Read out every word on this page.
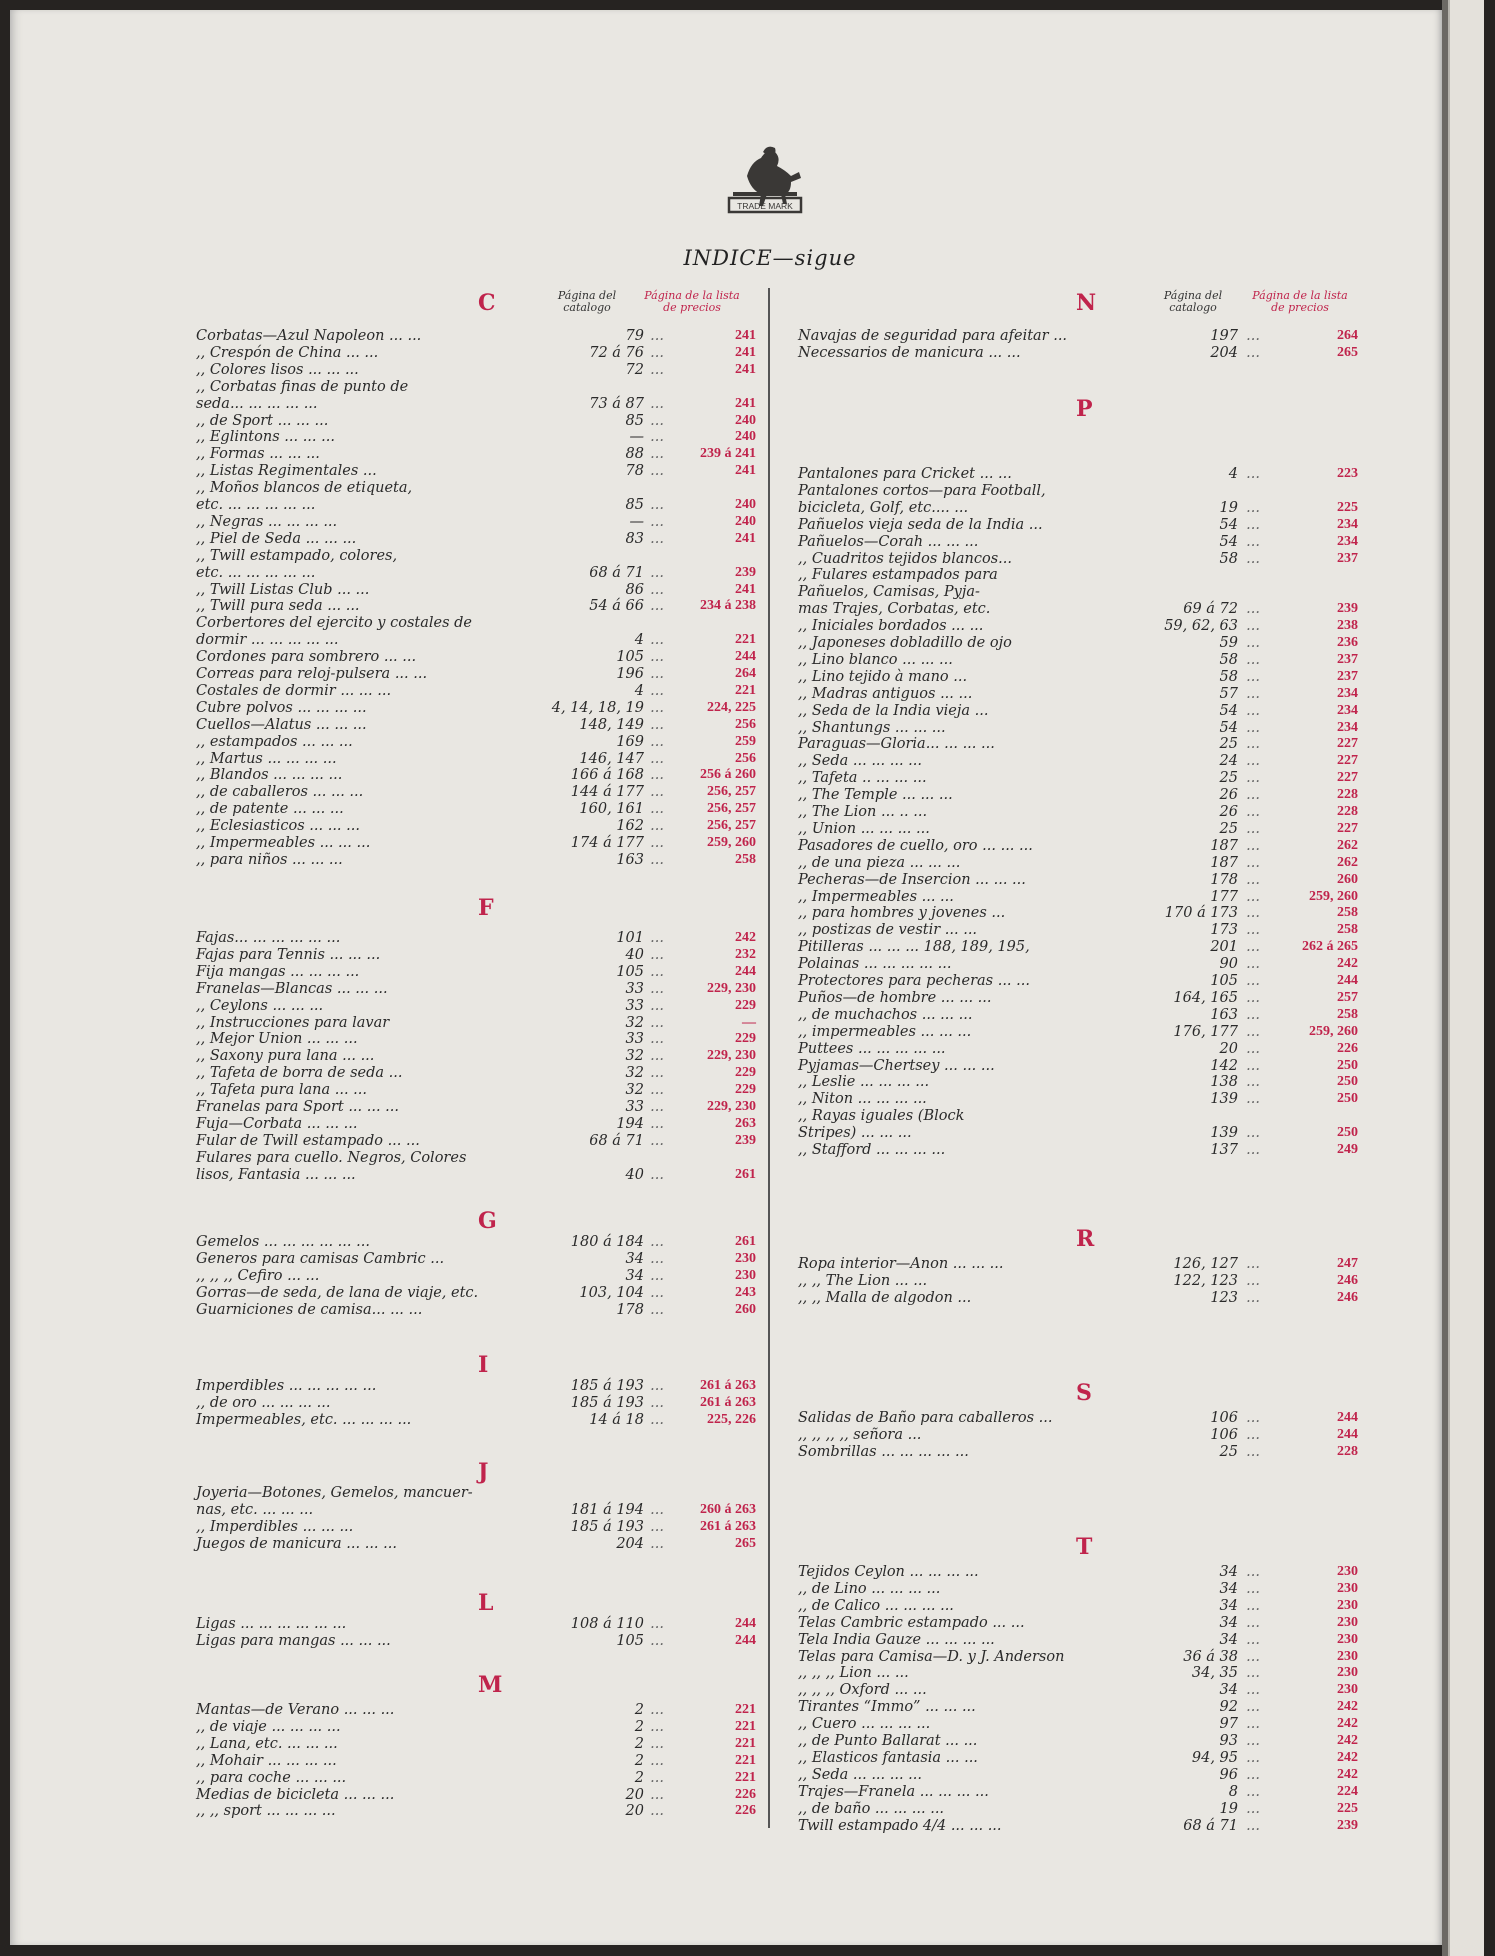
TRADE MARK
INDICE—sigue
Página del catalogo
Página de la lista de precios
C
Corbatas—Azul Napoleon ... ...	79 ...	241
,, Crespón de China ... ...	72 á 76 ...	241
,, Colores lisos ... ... ...	72 ...	241
,, Corbatas finas de punto de
seda... ... ... ... ...	73 á 87 ...	241
,, de Sport ... ... ...	85 ...	240
,, Eglintons ... ... ...	— ...	240
,, Formas ... ... ...	88 ...	239 á 241
,, Listas Regimentales ...	78 ...	241
,, Moños blancos de etiqueta,
etc. ... ... ... ... ...	85 ...	240
,, Negras ... ... ... ...	— ...	240
,, Piel de Seda ... ... ...	83 ...	241
,, Twill estampado, colores,
etc. ... ... ... ... ...	68 á 71 ...	239
,, Twill Listas Club ... ...	86 ...	241
,, Twill pura seda ... ...	54 á 66 ...	234 á 238
Corbertores del ejercito y costales de
dormir ... ... ... ... ...	4 ...	221
Cordones para sombrero ... ...	105 ...	244
Correas para reloj-pulsera ... ...	196 ...	264
Costales de dormir ... ... ...	4 ...	221
Cubre polvos ... ... ... ...	4, 14, 18, 19 ...	224, 225
Cuellos—Alatus ... ... ...	148, 149 ...	256
,, estampados ... ... ...	169 ...	259
,, Martus ... ... ... ...	146, 147 ...	256
,, Blandos ... ... ... ...	166 á 168 ...	256 á 260
,, de caballeros ... ... ...	144 á 177 ...	256, 257
,, de patente ... ... ...	160, 161 ...	256, 257
,, Eclesiasticos ... ... ...	162 ...	256, 257
,, Impermeables ... ... ...	174 á 177 ...	259, 260
,, para niños ... ... ...	163 ...	258
F
Fajas... ... ... ... ... ...	101 ...	242
Fajas para Tennis ... ... ...	40 ...	232
Fija mangas ... ... ... ...	105 ...	244
Franelas—Blancas ... ... ...	33 ...	229, 230
,, Ceylons ... ... ...	33 ...	229
,, Instrucciones para lavar	32 ...	—
,, Mejor Union ... ... ...	33 ...	229
,, Saxony pura lana ... ...	32 ...	229, 230
,, Tafeta de borra de seda ...	32 ...	229
,, Tafeta pura lana ... ...	32 ...	229
Franelas para Sport ... ... ...	33 ...	229, 230
Fuja—Corbata ... ... ...	194 ...	263
Fular de Twill estampado ... ...	68 á 71 ...	239
Fulares para cuello. Negros, Colores
lisos, Fantasia ... ... ...	40 ...	261
G
Gemelos ... ... ... ... ... ...	180 á 184 ...	261
Generos para camisas Cambric ...	34 ...	230
,, ,, ,, Cefiro ... ...	34 ...	230
Gorras—de seda, de lana de viaje, etc.	103, 104 ...	243
Guarniciones de camisa... ... ...	178 ...	260
I
Imperdibles ... ... ... ... ...	185 á 193 ...	261 á 263
,, de oro ... ... ... ...	185 á 193 ...	261 á 263
Impermeables, etc. ... ... ... ...	14 á 18 ...	225, 226
J
Joyeria—Botones, Gemelos, mancuer-
nas, etc. ... ... ...	181 á 194 ...	260 á 263
,, Imperdibles ... ... ...	185 á 193 ...	261 á 263
Juegos de manicura ... ... ...	204 ...	265
L
Ligas ... ... ... ... ... ...	108 á 110 ...	244
Ligas para mangas ... ... ...	105 ...	244
M
Mantas—de Verano ... ... ...	2 ...	221
,, de viaje ... ... ... ...	2 ...	221
,, Lana, etc. ... ... ...	2 ...	221
,, Mohair ... ... ... ...	2 ...	221
,, para coche ... ... ...	2 ...	221
Medias de bicicleta ... ... ...	20 ...	226
,, ,, sport ... ... ... ...	20 ...	226
Página del catalogo
Página de la lista de precios
N
Navajas de seguridad para afeitar ...	197 ...	264
Necessarios de manicura ... ...	204 ...	265
P
Pantalones para Cricket ... ...	4 ...	223
Pantalones cortos—para Football,
bicicleta, Golf, etc.... ...	19 ...	225
Pañuelos vieja seda de la India ...	54 ...	234
Pañuelos—Corah ... ... ...	54 ...	234
,, Cuadritos tejidos blancos...	58 ...	237
,, Fulares estampados para
Pañuelos, Camisas, Pyja-
mas Trajes, Corbatas, etc.	69 á 72 ...	239
,, Iniciales bordados ... ...	59, 62, 63 ...	238
,, Japoneses dobladillo de ojo	59 ...	236
,, Lino blanco ... ... ...	58 ...	237
,, Lino tejido à mano ...	58 ...	237
,, Madras antiguos ... ...	57 ...	234
,, Seda de la India vieja ...	54 ...	234
,, Shantungs ... ... ...	54 ...	234
Paraguas—Gloria... ... ... ...	25 ...	227
,, Seda ... ... ... ...	24 ...	227
,, Tafeta .. ... ... ...	25 ...	227
,, The Temple ... ... ...	26 ...	228
,, The Lion ... .. ...	26 ...	228
,, Union ... ... ... ...	25 ...	227
Pasadores de cuello, oro ... ... ...	187 ...	262
,, de una pieza ... ... ...	187 ...	262
Pecheras—de Insercion ... ... ...	178 ...	260
,, Impermeables ... ...	177 ...	259, 260
,, para hombres y jovenes ...	170 á 173 ...	258
,, postizas de vestir ... ...	173 ...	258
Pitilleras ... ... ... 188, 189, 195,	201 ...	262 á 265
Polainas ... ... ... ... ...	90 ...	242
Protectores para pecheras ... ...	105 ...	244
Puños—de hombre ... ... ...	164, 165 ...	257
,, de muchachos ... ... ...	163 ...	258
,, impermeables ... ... ...	176, 177 ...	259, 260
Puttees ... ... ... ... ...	20 ...	226
Pyjamas—Chertsey ... ... ...	142 ...	250
,, Leslie ... ... ... ...	138 ...	250
,, Niton ... ... ... ...	139 ...	250
,, Rayas iguales (Block
Stripes) ... ... ...	139 ...	250
,, Stafford ... ... ... ...	137 ...	249
R
Ropa interior—Anon ... ... ...	126, 127 ...	247
,, ,, The Lion ... ...	122, 123 ...	246
,, ,, Malla de algodon ...	123 ...	246
S
Salidas de Baño para caballeros ...	106 ...	244
,, ,, ,, ,, señora ...	106 ...	244
Sombrillas ... ... ... ... ...	25 ...	228
T
Tejidos Ceylon ... ... ... ...	34 ...	230
,, de Lino ... ... ... ...	34 ...	230
,, de Calico ... ... ... ...	34 ...	230
Telas Cambric estampado ... ...	34 ...	230
Tela India Gauze ... ... ... ...	34 ...	230
Telas para Camisa—D. y J. Anderson	36 á 38 ...	230
,, ,, ,, Lion ... ...	34, 35 ...	230
,, ,, ,, Oxford ... ...	34 ...	230
Tirantes “Immo” ... ... ...	92 ...	242
,, Cuero ... ... ... ...	97 ...	242
,, de Punto Ballarat ... ...	93 ...	242
,, Elasticos fantasia ... ...	94, 95 ...	242
,, Seda ... ... ... ...	96 ...	242
Trajes—Franela ... ... ... ...	8 ...	224
,, de baño ... ... ... ...	19 ...	225
Twill estampado 4/4 ... ... ...	68 á 71 ...	239
